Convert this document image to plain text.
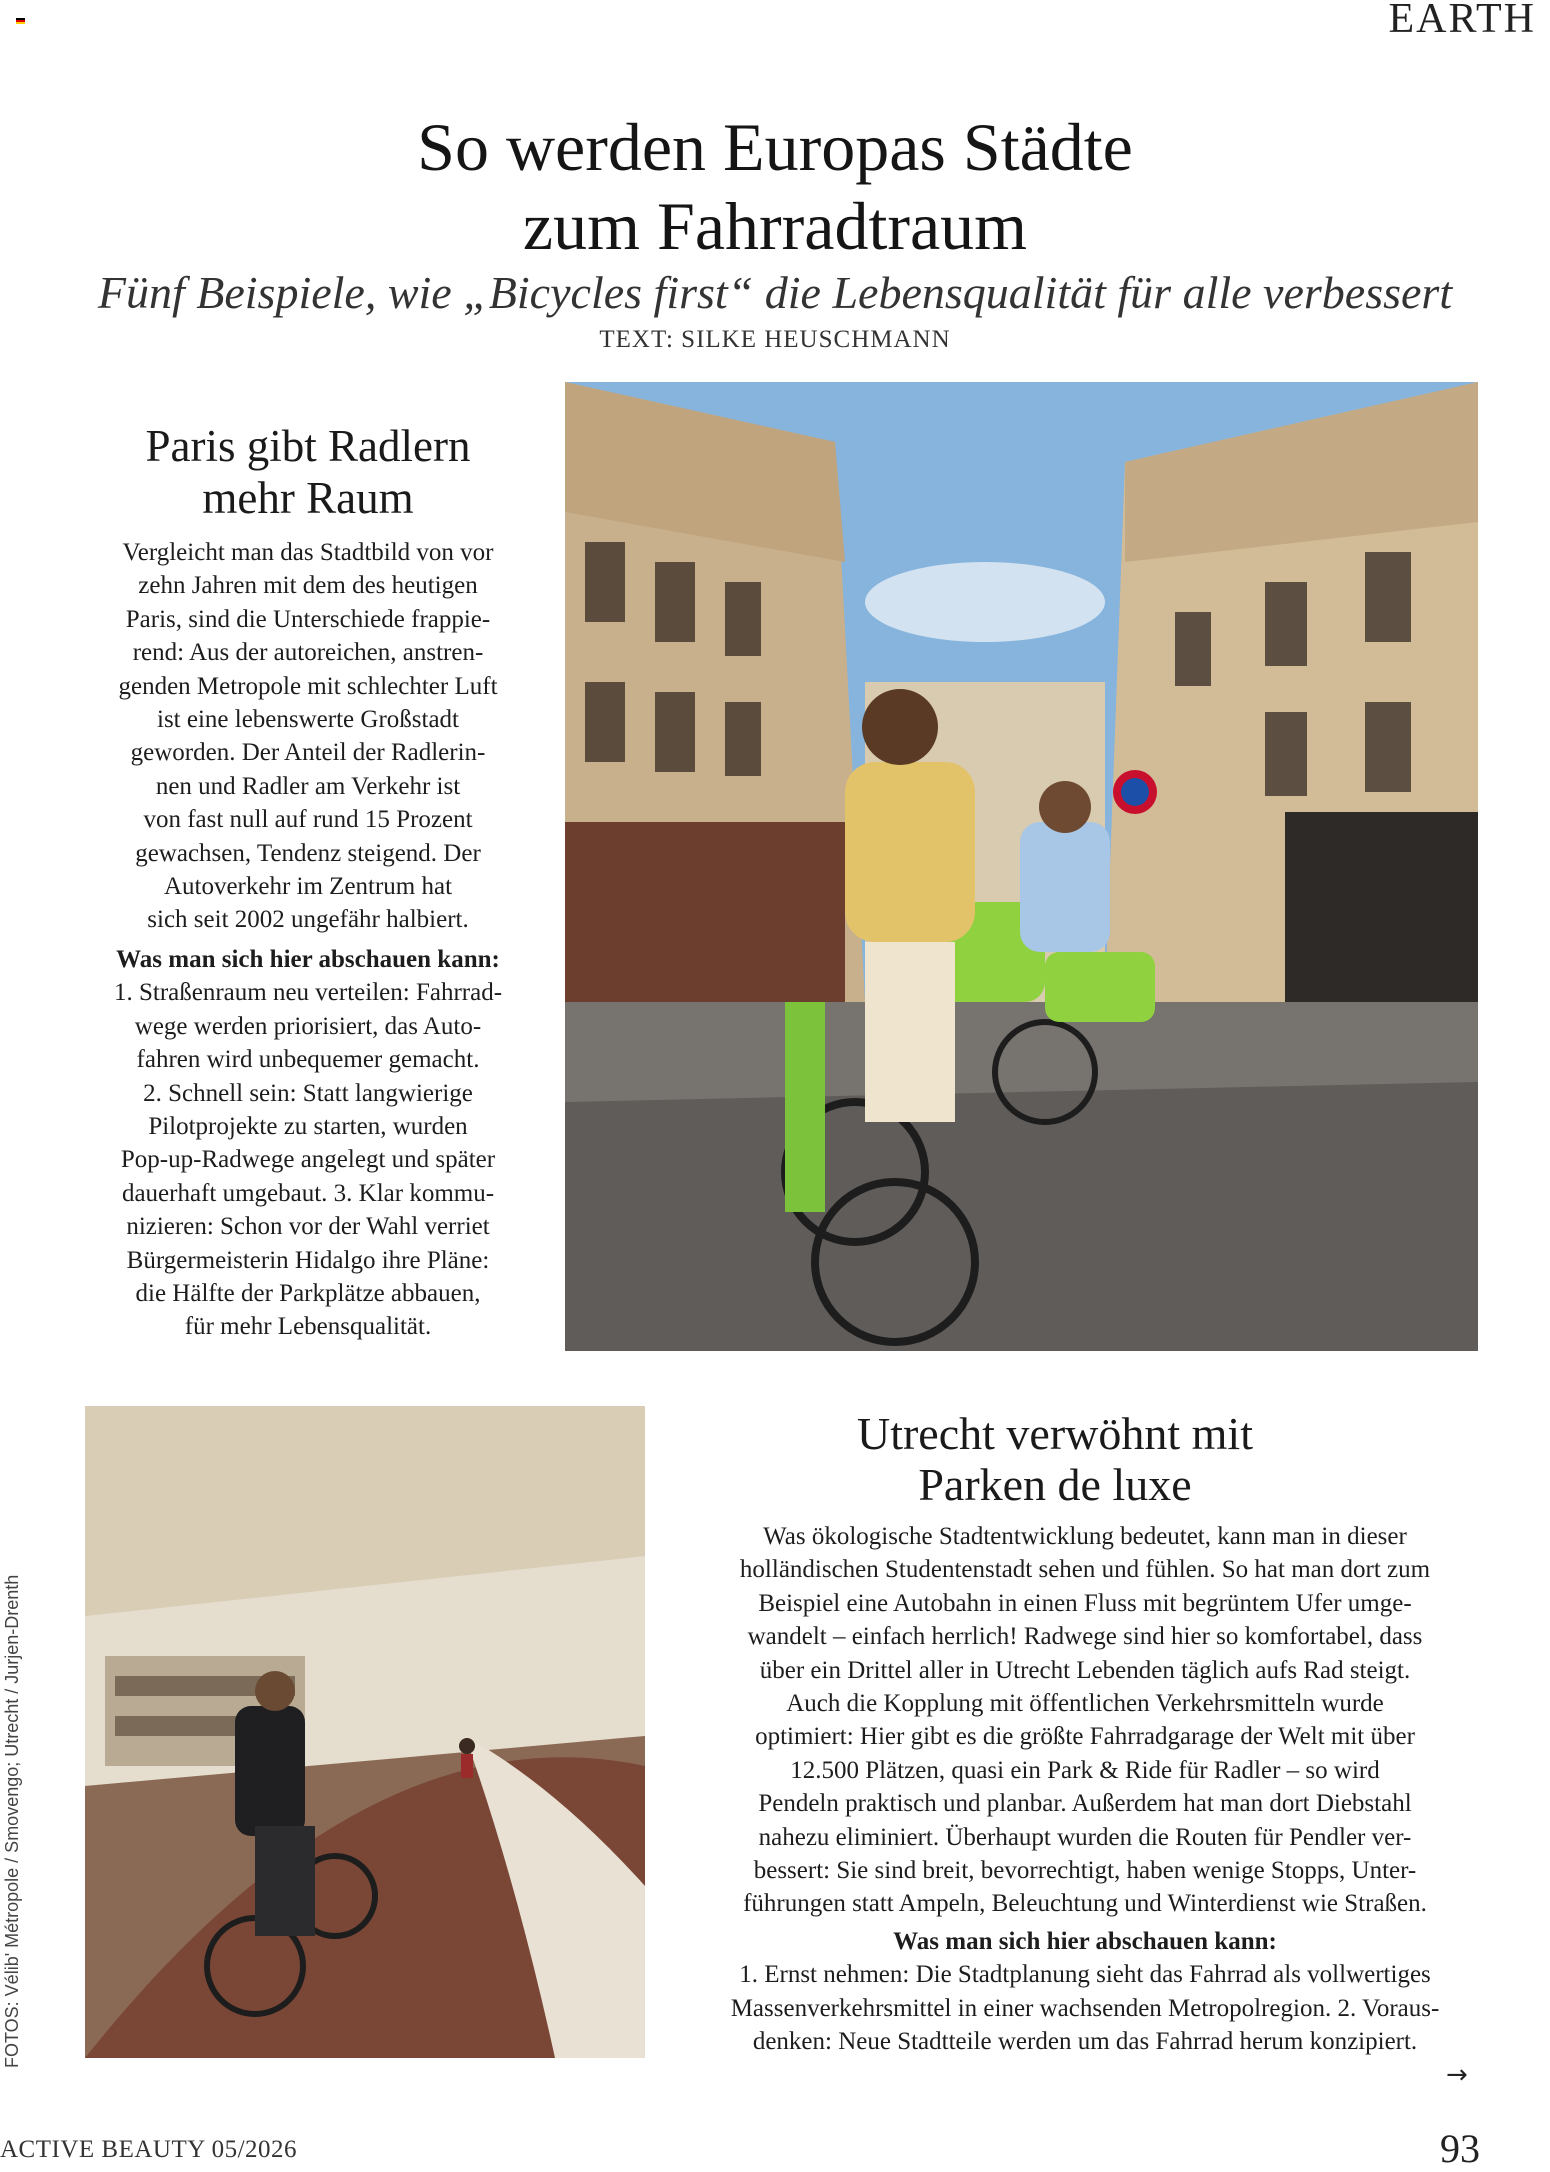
EARTH
So werden Europas Städte
zum Fahrradtraum
Fünf Beispiele, wie „Bicycles first“ die Lebensqualität für alle verbessert
TEXT: SILKE HEUSCHMANN
Paris gibt Radlern
mehr Raum

Vergleicht man das Stadtbild von vor
zehn Jahren mit dem des heutigen
Paris, sind die Unterschiede frappie-
rend: Aus der autoreichen, anstren-
genden Metropole mit schlechter Luft
ist eine lebenswerte Großstadt
geworden. Der Anteil der Radlerin-
nen und Radler am Verkehr ist
von fast null auf rund 15 Prozent
gewachsen, Tendenz steigend. Der
Autoverkehr im Zentrum hat
sich seit 2002 ungefähr halbiert.

Was man sich hier abschauen kann:
1. Straßenraum neu verteilen: Fahrrad-
wege werden priorisiert, das Auto-
fahren wird unbequemer gemacht.
2. Schnell sein: Statt langwierige
Pilotprojekte zu starten, wurden
Pop-up-Radwege angelegt und später
dauerhaft umgebaut. 3. Klar kommu-
nizieren: Schon vor der Wahl verriet
Bürgermeisterin Hidalgo ihre Pläne:
die Hälfte der Parkplätze abbauen,
für mehr Lebensqualität.

Utrecht verwöhnt mit
Parken de luxe

Was ökologische Stadtentwicklung bedeutet, kann man in dieser
holländischen Studentenstadt sehen und fühlen. So hat man dort zum
Beispiel eine Autobahn in einen Fluss mit begrüntem Ufer umge-
wandelt – einfach herrlich! Radwege sind hier so komfortabel, dass
über ein Drittel aller in Utrecht Lebenden täglich aufs Rad steigt.
Auch die Kopplung mit öffentlichen Verkehrsmitteln wurde
optimiert: Hier gibt es die größte Fahrradgarage der Welt mit über
12.500 Plätzen, quasi ein Park & Ride für Radler – so wird
Pendeln praktisch und planbar. Außerdem hat man dort Diebstahl
nahezu eliminiert. Überhaupt wurden die Routen für Pendler ver-
bessert: Sie sind breit, bevorrechtigt, haben wenige Stopps, Unter-
führungen statt Ampeln, Beleuchtung und Winterdienst wie Straßen.

Was man sich hier abschauen kann:
1. Ernst nehmen: Die Stadtplanung sieht das Fahrrad als vollwertiges
Massenverkehrsmittel in einer wachsenden Metropolregion. 2. Voraus-
denken: Neue Stadtteile werden um das Fahrrad herum konzipiert.

FOTOS: Vélib' Métropole / Smovengo; Utrecht / Jurjen-Drenth
→
ACTIVE BEAUTY 05/2026	93
